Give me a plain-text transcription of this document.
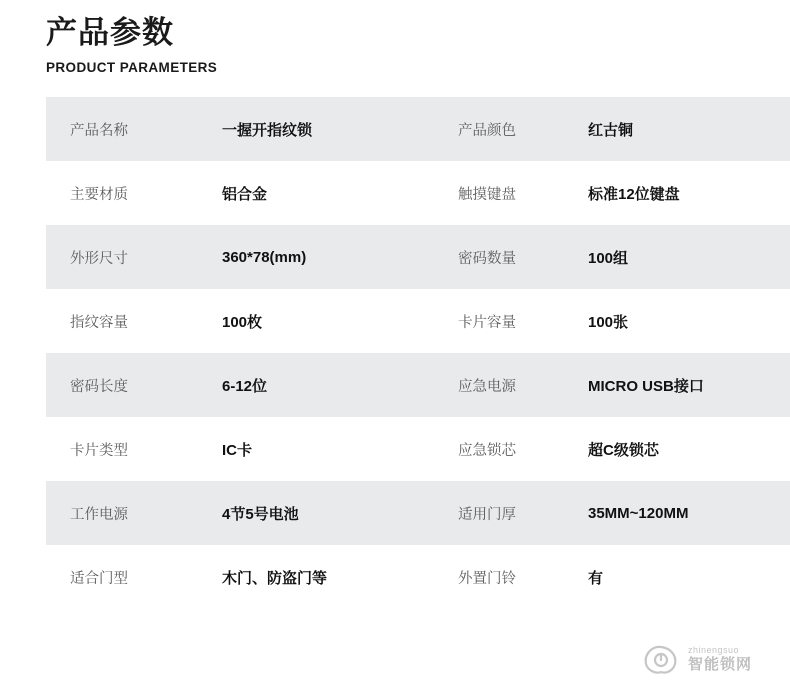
产品参数
PRODUCT PARAMETERS
产品名称	一握开指纹锁	产品颜色	红古铜
主要材质	铝合金	触摸键盘	标准12位键盘
外形尺寸	360*78(mm)	密码数量	100组
指纹容量	100枚	卡片容量	100张
密码长度	6-12位	应急电源	MICRO USB接口
卡片类型	IC卡	应急锁芯	超C级锁芯
工作电源	4节5号电池	适用门厚	35MM~120MM
适合门型	木门、防盗门等	外置门铃	有
zhinengsuo
智能锁网
